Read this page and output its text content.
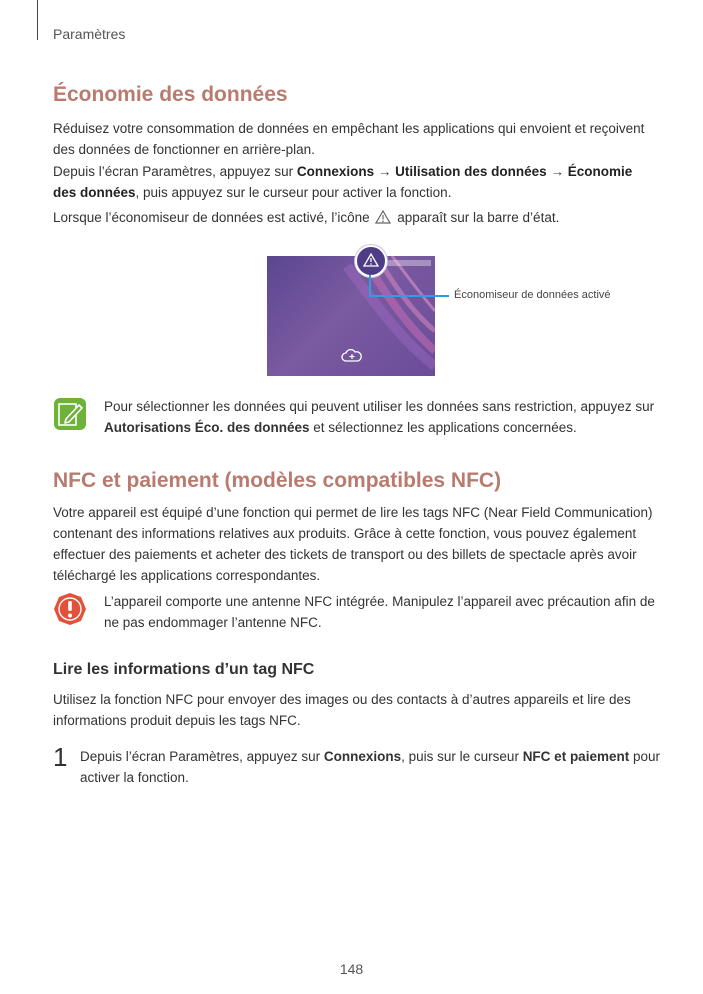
Paramètres
Économie des données

Réduisez votre consommation de données en empêchant les applications qui envoient et reçoivent des données de fonctionner en arrière-plan.

Depuis l’écran Paramètres, appuyez sur Connexions → Utilisation des données → Économie des données, puis appuyez sur le curseur pour activer la fonction.

Lorsque l’économiseur de données est activé, l’icône apparaît sur la barre d’état.

Économiseur de données activé

Pour sélectionner les données qui peuvent utiliser les données sans restriction, appuyez sur Autorisations Éco. des données et sélectionnez les applications concernées.

NFC et paiement (modèles compatibles NFC)

Votre appareil est équipé d’une fonction qui permet de lire les tags NFC (Near Field Communication) contenant des informations relatives aux produits. Grâce à cette fonction, vous pouvez également effectuer des paiements et acheter des tickets de transport ou des billets de spectacle après avoir téléchargé les applications correspondantes.

L’appareil comporte une antenne NFC intégrée. Manipulez l’appareil avec précaution afin de ne pas endommager l’antenne NFC.

Lire les informations d’un tag NFC

Utilisez la fonction NFC pour envoyer des images ou des contacts à d’autres appareils et lire des informations produit depuis les tags NFC.

1 Depuis l’écran Paramètres, appuyez sur Connexions, puis sur le curseur NFC et paiement pour activer la fonction.

148
